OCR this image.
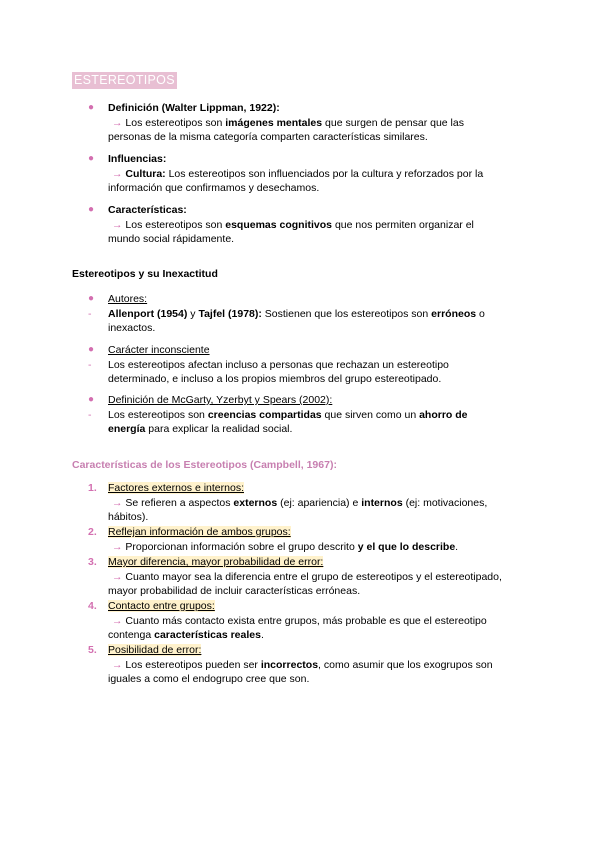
ESTEREOTIPOS
● Definición (Walter Lippman, 1922):
→ Los estereotipos son imágenes mentales que surgen de pensar que las
personas de la misma categoría comparten características similares.
● Influencias:
→ Cultura: Los estereotipos son influenciados por la cultura y reforzados por la
información que confirmamos y desechamos.
● Características:
→ Los estereotipos son esquemas cognitivos que nos permiten organizar el
mundo social rápidamente.
Estereotipos y su Inexactitud
● Autores:
- Allenport (1954) y Tajfel (1978): Sostienen que los estereotipos son erróneos o
inexactos.
● Carácter inconsciente
- Los estereotipos afectan incluso a personas que rechazan un estereotipo
determinado, e incluso a los propios miembros del grupo estereotipado.
● Definición de McGarty, Yzerbyt y Spears (2002):
- Los estereotipos son creencias compartidas que sirven como un ahorro de
energía para explicar la realidad social.
Características de los Estereotipos (Campbell, 1967):
1. Factores externos e internos:
→ Se refieren a aspectos externos (ej: apariencia) e internos (ej: motivaciones,
hábitos).
2. Reflejan información de ambos grupos:
→ Proporcionan información sobre el grupo descrito y el que lo describe.
3. Mayor diferencia, mayor probabilidad de error:
→ Cuanto mayor sea la diferencia entre el grupo de estereotipos y el estereotipado,
mayor probabilidad de incluir características erróneas.
4. Contacto entre grupos:
→ Cuanto más contacto exista entre grupos, más probable es que el estereotipo
contenga características reales.
5. Posibilidad de error:
→ Los estereotipos pueden ser incorrectos, como asumir que los exogrupos son
iguales a como el endogrupo cree que son.
